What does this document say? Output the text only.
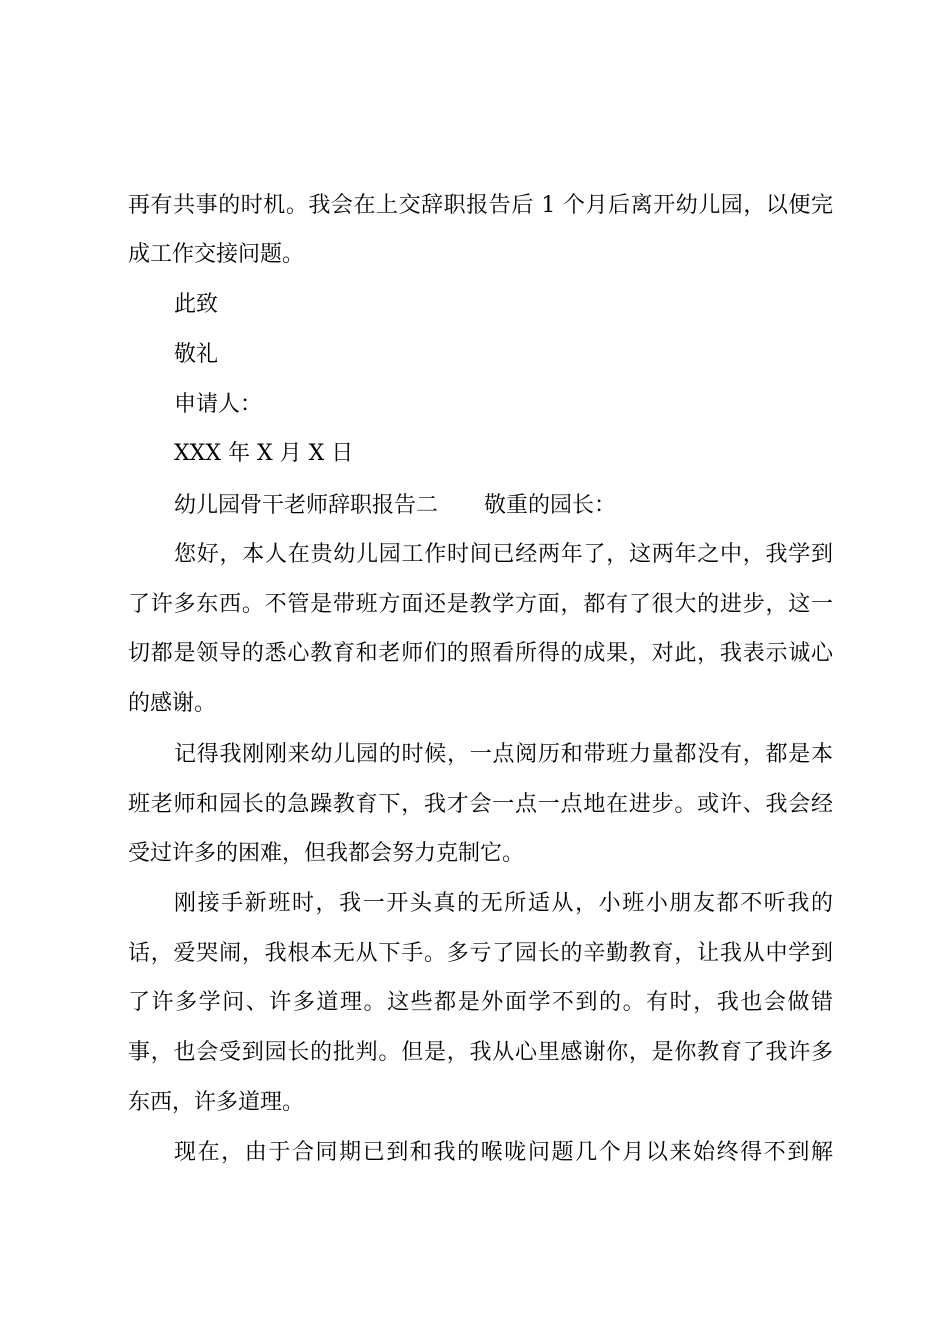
再有共事的时机。我会在上交辞职报告后 1 个月后离开幼儿园，以便完
成工作交接问题。
此致
敬礼
申请人：
XXX 年 X 月 X 日
幼儿园骨干老师辞职报告二 敬重的园长：
您好，本人在贵幼儿园工作时间已经两年了，这两年之中，我学到
了许多东西。不管是带班方面还是教学方面，都有了很大的进步，这一
切都是领导的悉心教育和老师们的照看所得的成果，对此，我表示诚心
的感谢。
记得我刚刚来幼儿园的时候，一点阅历和带班力量都没有，都是本
班老师和园长的急躁教育下，我才会一点一点地在进步。或许、我会经
受过许多的困难，但我都会努力克制它。
刚接手新班时，我一开头真的无所适从，小班小朋友都不听我的
话，爱哭闹，我根本无从下手。多亏了园长的辛勤教育，让我从中学到
了许多学问、许多道理。这些都是外面学不到的。有时，我也会做错
事，也会受到园长的批判。但是，我从心里感谢你，是你教育了我许多
东西，许多道理。
现在，由于合同期已到和我的喉咙问题几个月以来始终得不到解
